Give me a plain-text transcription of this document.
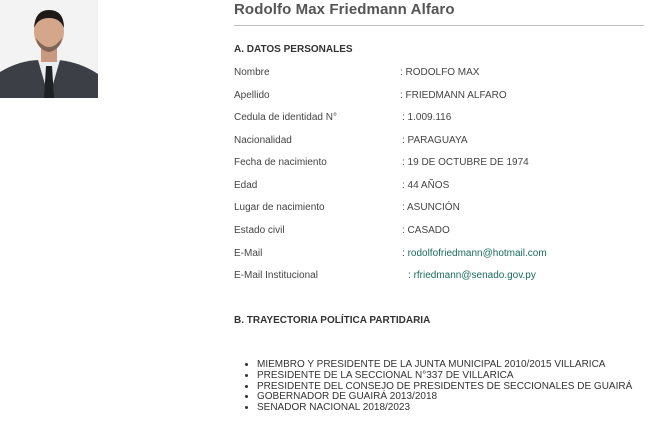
Rodolfo Max Friedmann Alfaro
A. DATOS PERSONALES
Nombre	: RODOLFO MAX
Apellido	: FRIEDMANN ALFARO
Cedula de identidad N°	: 1.009.116
Nacionalidad	: PARAGUAYA
Fecha de nacimiento	: 19 DE OCTUBRE DE 1974
Edad	: 44 AÑOS
Lugar de nacimiento	: ASUNCIÓN
Estado civil	: CASADO
E-Mail	: rodolfofriedmann@hotmail.com
E-Mail Institucional	: rfriedmann@senado.gov.py
B. TRAYECTORIA POLÍTICA PARTIDARIA
• MIEMBRO Y PRESIDENTE DE LA JUNTA MUNICIPAL 2010/2015 VILLARICA
• PRESIDENTE DE LA SECCIONAL N°337 DE VILLARICA
• PRESIDENTE DEL CONSEJO DE PRESIDENTES DE SECCIONALES DE GUAIRÁ
• GOBERNADOR DE GUAIRÁ 2013/2018
• SENADOR NACIONAL 2018/2023
